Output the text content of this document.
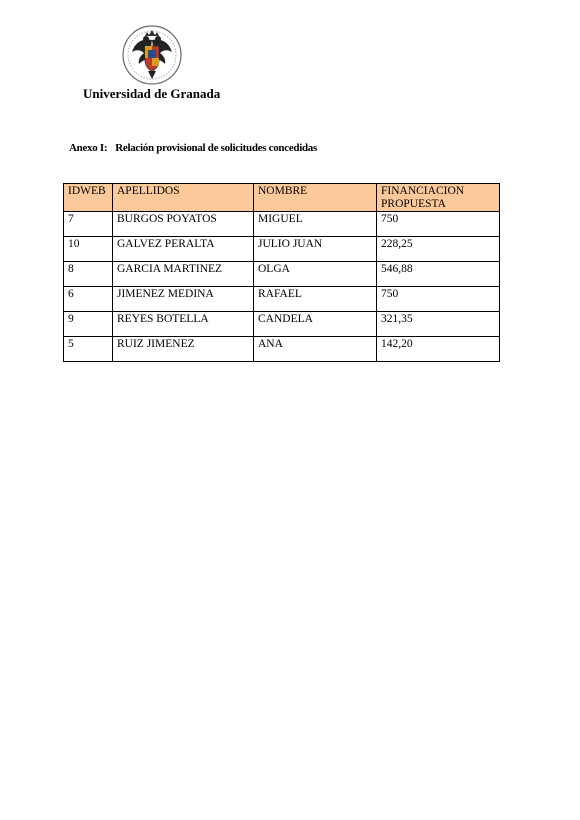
Universidad de Granada
Anexo I: Relación provisional de solicitudes concedidas
IDWEB	APELLIDOS	NOMBRE	FINANCIACION PROPUESTA
7	BURGOS POYATOS	MIGUEL	750
10	GALVEZ PERALTA	JULIO JUAN	228,25
8	GARCIA MARTINEZ	OLGA	546,88
6	JIMENEZ MEDINA	RAFAEL	750
9	REYES BOTELLA	CANDELA	321,35
5	RUIZ JIMENEZ	ANA	142,20
